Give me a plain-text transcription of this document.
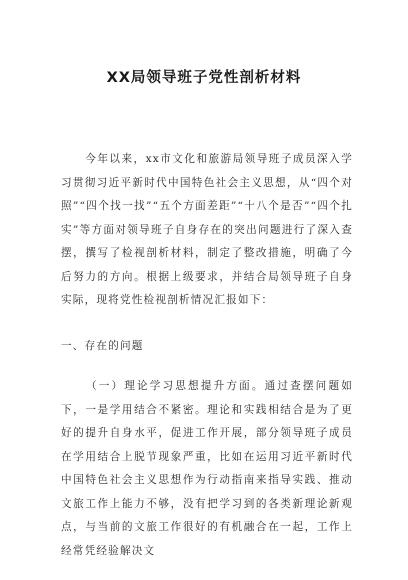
XX局领导班子党性剖析材料

今年以来，xx市文化和旅游局领导班子成员深入学习贯彻习近平新时代中国特色社会主义思想，从“四个对照”“四个找一找”“五个方面差距”“十八个是否”“四个扎实”等方面对领导班子自身存在的突出问题进行了深入查摆，撰写了检视剖析材料，制定了整改措施，明确了今后努力的方向。根据上级要求，并结合局领导班子自身实际，现将党性检视剖析情况汇报如下：

一、存在的问题

（一）理论学习思想提升方面。通过查摆问题如下，一是学用结合不紧密。理论和实践相结合是为了更好的提升自身水平，促进工作开展，部分领导班子成员在学用结合上脱节现象严重，比如在运用习近平新时代中国特色社会主义思想作为行动指南来指导实践、推动文旅工作上能力不够，没有把学习到的各类新理论新观点，与当前的文旅工作很好的有机融合在一起，工作上经常凭经验解决文
